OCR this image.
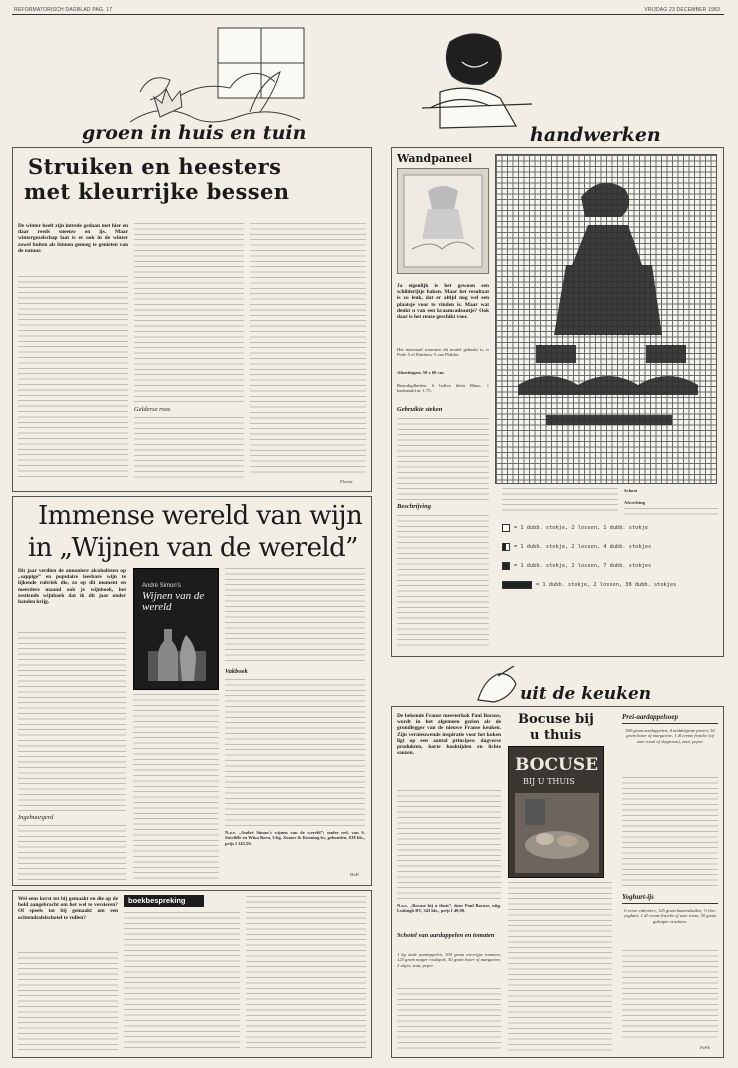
REFORMATORISCH DAGBLAD PAG. 17	VRIJDAG 23 DECEMBER 1983
groen in huis en tuin	handwerken
Struiken en heesters
met kleurrijke bessen
De winter heeft zijn intrede gedaan met hier en daar reeds sneeuw en ijs. Maar wintergezelschap laat is er ook in de winter zowel buiten als binnen genoeg te genieten van de natuur.
Gelderse roos
Florist
Immense wereld van wijn
in „Wijnen van de wereld”
Dit jaar verdien de annoniere alcoholisten op „sappige” en populaire leesbare wijn te lijkende rubriek die, zo op dit moment en meerdere maand ook je wijnboek, het zestiende wijnboek dat ik dit jaar onder handen krijg.
Ingebuurgerd
André Simon's
Wijnen van de wereld
Vakboek
N.a.v. „André Simon's wijnen van de wereld”; onder red. van S. Sutcliffe en Wina Born, Uitg. Zomer & Keuning bv, gebonden, 638 blz., prijs f 142,50.
HvH
Wel eens kerst tot bij gemaakt en die op de bold aangebracht om het wel te versieren? Of speels tot bij gemaakt om een ochtendtafelschotel te vullen?
boekbespreking
Wandpaneel
Ja eigenlijk is het gewoon een schilderijtje haken. Maar het resultaat is zo leuk, dat er altijd nog wel een plaatsje voor te vinden is. Maar wat denkt u van een kraamcadeautje? Ook daar is het reuze geschikt voor.
Het materiaal waarmee dit model gehaakt is, is Perle 5 of Rainbow 5 van Phildar.
Afmetingen: 50 x 60 cm.
Benodigdheden: 6 bollen klein Blanc, 1 haaknaald nr. 1,75.
Gebruikte steken
Beschrijving
= 1 dubb. stokje, 2 lossen, 1 dubb. stokje
= 1 dubb. stokje, 2 lossen, 4 dubb. stokjes
= 1 dubb. stokje, 2 lossen, 7 dubb. stokjes
= 1 dubb. stokje, 2 lossen, 30 dubb. stokjes
Schoot
Afwerking
uit de keuken
De bekende Franse meesterkok Paul Bocuse, wordt in het algemeen gezien als de grondlegger van de nieuwe Franse keuken. Zijn vernieuwende inspiratie voor het koken ligt op een aantal principes: dagverse produkten, korte kooktijden en lichte sauzen.
N.a.v. „Bocuse bij u thuis”, door Paul Bocuse, uitg. Luitingh BV, 343 blz., prijs f 49,90.
Schotel van aardappelen en tomaten
1 kg oude aardappelen, 500 gram overrijpe tomaten, 125 gram mager rookspek, 50 gram boter of margarine, 3 uitjes, zout, peper.
Bocuse bij
u thuis
BOCUSE
BIJ U THUIS
Prei-aardappelsoep
500 gram aardappelen, 4 middelgrote preien, 30 gram boter of margarine, 1 dl creme fraiche (of zure room of slagroom), zout, peper.
Yoghurt-ijs
6 verse eidooiers, 125 gram basterdsuiker, ½ liter yoghurt, 1 dl creme fraiche of zure room, 50 gram geknipte vruchten.
FvFk
